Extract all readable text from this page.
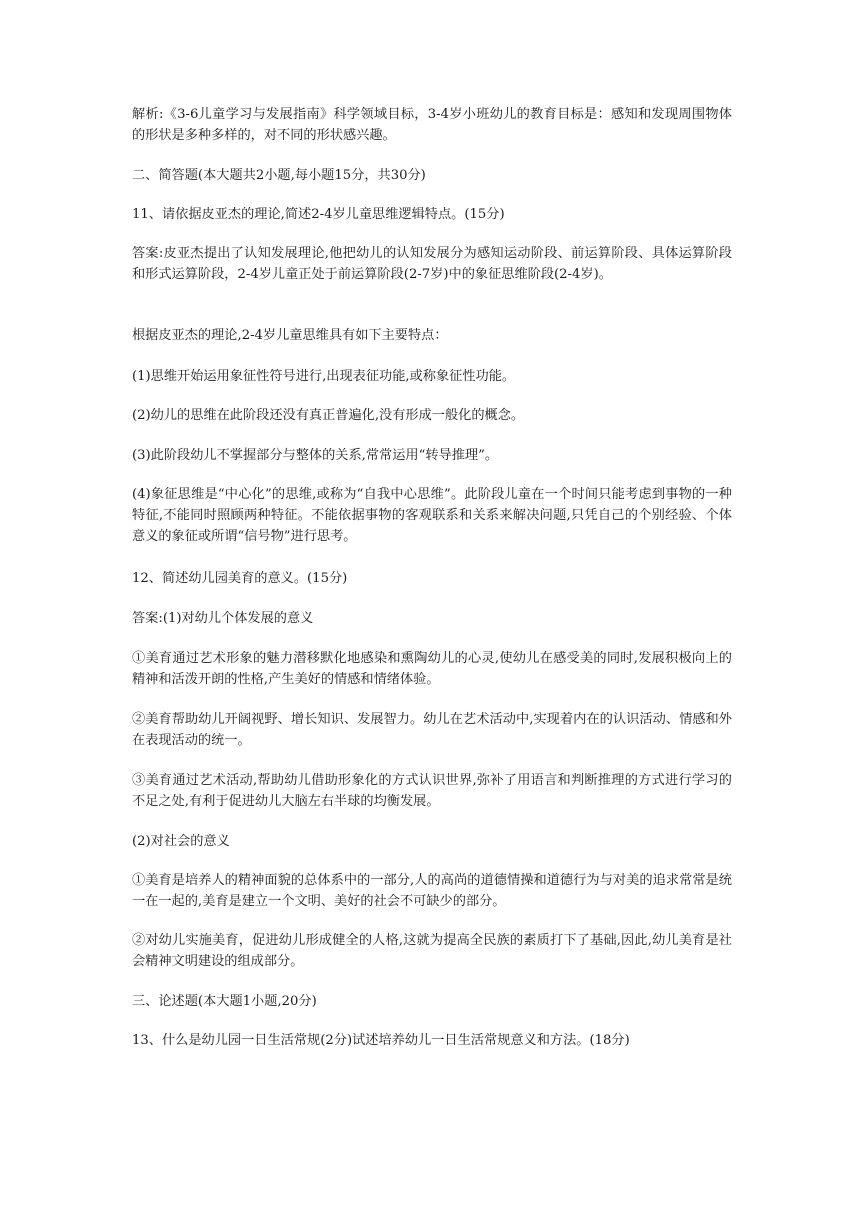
解析:《3-6儿童学习与发展指南》科学领域目标，3-4岁小班幼儿的教育目标是：感知和发现周围物体的形状是多种多样的，对不同的形状感兴趣。

二、简答题(本大题共2小题,每小题15分，共30分)

11、请依据皮亚杰的理论,简述2-4岁儿童思维逻辑特点。(15分)

答案:皮亚杰提出了认知发展理论,他把幼儿的认知发展分为感知运动阶段、前运算阶段、具体运算阶段和形式运算阶段，2-4岁儿童正处于前运算阶段(2-7岁)中的象征思维阶段(2-4岁)。

根据皮亚杰的理论,2-4岁儿童思维具有如下主要特点：

(1)思维开始运用象征性符号进行,出现表征功能,或称象征性功能。

(2)幼儿的思维在此阶段还没有真正普遍化,没有形成一般化的概念。

(3)此阶段幼儿不掌握部分与整体的关系,常常运用“转导推理”。

(4)象征思维是“中心化”的思维,或称为“自我中心思维”。此阶段儿童在一个时间只能考虑到事物的一种特征,不能同时照顾两种特征。不能依据事物的客观联系和关系来解决问题,只凭自己的个别经验、个体意义的象征或所谓“信号物”进行思考。

12、简述幼儿园美育的意义。(15分)

答案:(1)对幼儿个体发展的意义

①美育通过艺术形象的魅力潜移默化地感染和熏陶幼儿的心灵,使幼儿在感受美的同时,发展积极向上的精神和活泼开朗的性格,产生美好的情感和情绪体验。

②美育帮助幼儿开阔视野、增长知识、发展智力。幼儿在艺术活动中,实现着内在的认识活动、情感和外在表现活动的统一。

③美育通过艺术活动,帮助幼儿借助形象化的方式认识世界,弥补了用语言和判断推理的方式进行学习的不足之处,有利于促进幼儿大脑左右半球的均衡发展。

(2)对社会的意义

①美育是培养人的精神面貌的总体系中的一部分,人的高尚的道德情操和道德行为与对美的追求常常是统一在一起的,美育是建立一个文明、美好的社会不可缺少的部分。

②对幼儿实施美育，促进幼儿形成健全的人格,这就为提高全民族的素质打下了基础,因此,幼儿美育是社会精神文明建设的组成部分。

三、论述题(本大题1小题,20分)

13、什么是幼儿园一日生活常规(2分)试述培养幼儿一日生活常规意义和方法。(18分)
